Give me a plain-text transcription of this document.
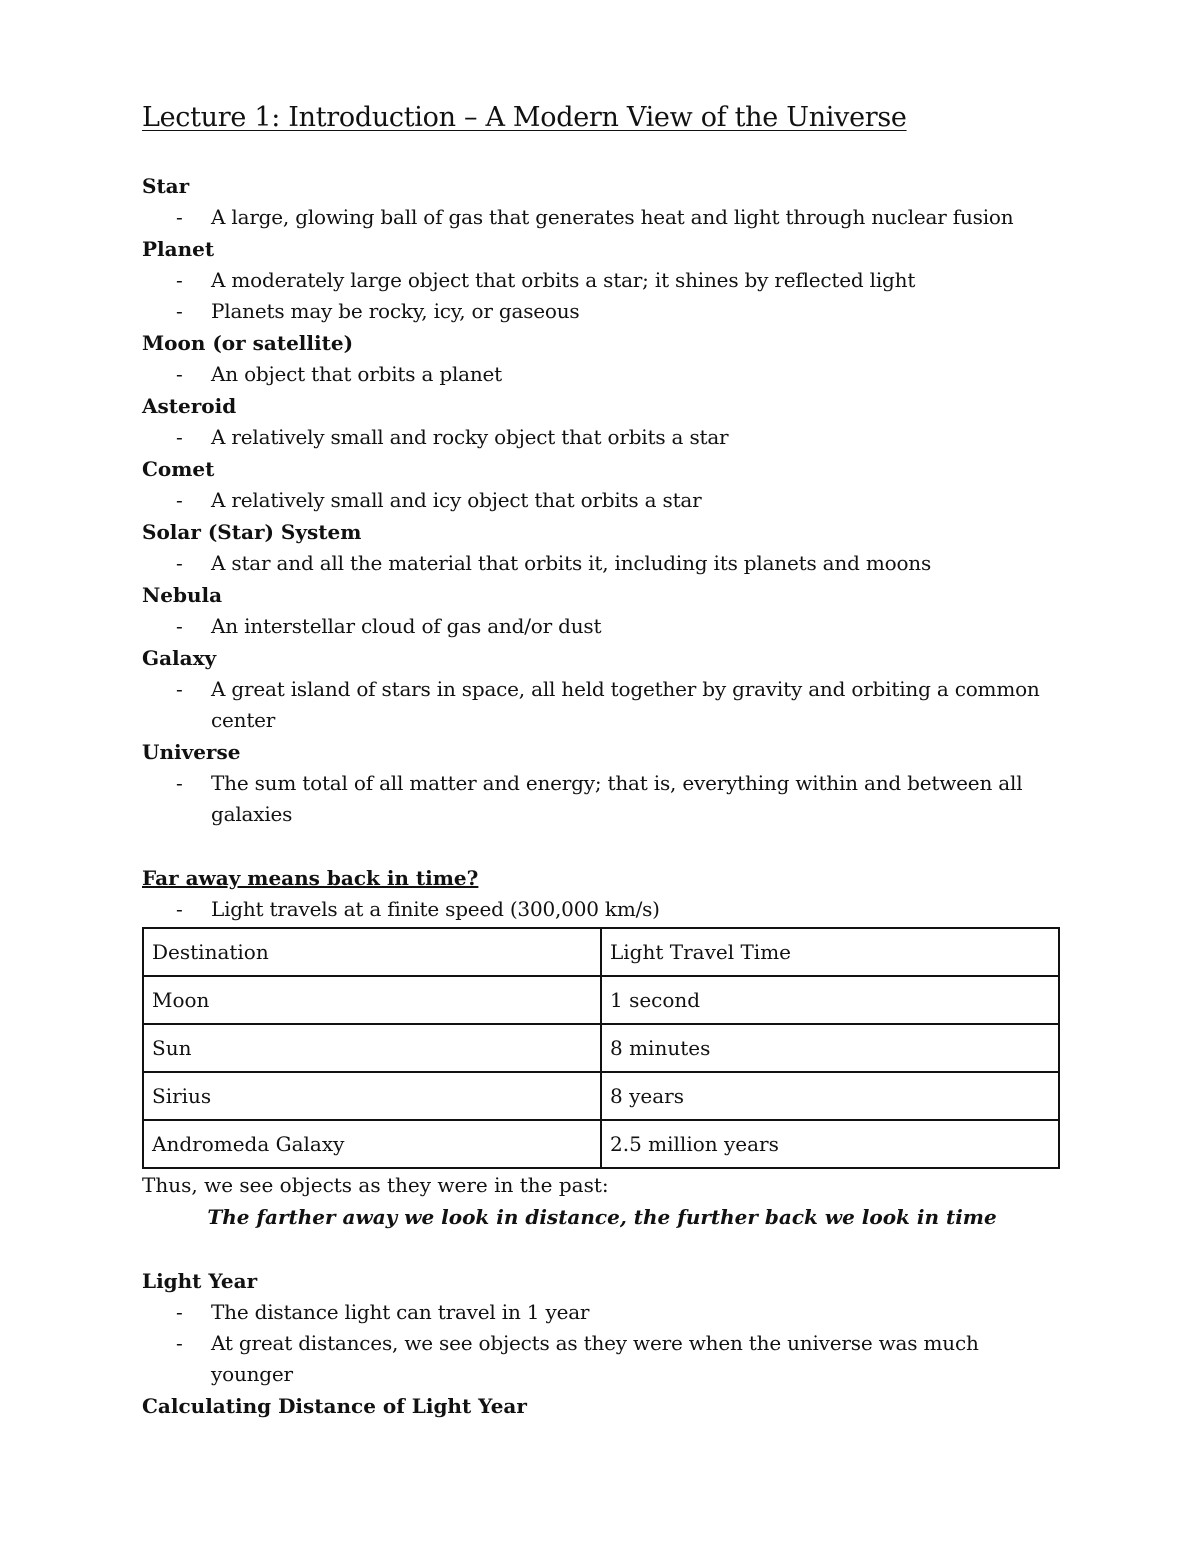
Lecture 1: Introduction – A Modern View of the Universe

Star

- A large, glowing ball of gas that generates heat and light through nuclear fusion

Planet

- A moderately large object that orbits a star; it shines by reflected light
- Planets may be rocky, icy, or gaseous

Moon (or satellite)

- An object that orbits a planet

Asteroid

- A relatively small and rocky object that orbits a star

Comet

- A relatively small and icy object that orbits a star

Solar (Star) System

- A star and all the material that orbits it, including its planets and moons

Nebula

- An interstellar cloud of gas and/or dust

Galaxy

- A great island of stars in space, all held together by gravity and orbiting a common center

Universe

- The sum total of all matter and energy; that is, everything within and between all galaxies

Far away means back in time?

- Light travels at a finite speed (300,000 km/s)
Destination	Light Travel Time
Moon	1 second
Sun	8 minutes
Sirius	8 years
Andromeda Galaxy	2.5 million years

Thus, we see objects as they were in the past:

The farther away we look in distance, the further back we look in time

Light Year

- The distance light can travel in 1 year
- At great distances, we see objects as they were when the universe was much younger

Calculating Distance of Light Year
